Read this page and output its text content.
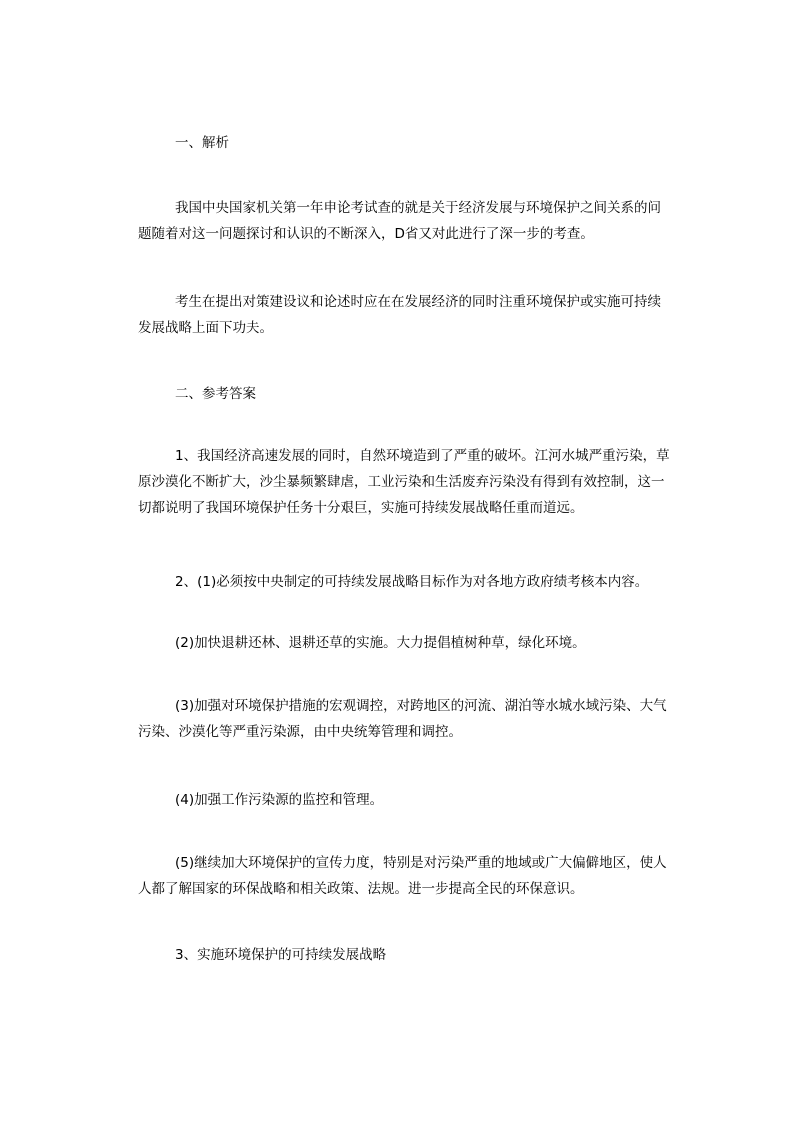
一、解析

我国中央国家机关第一年申论考试查的就是关于经济发展与环境保护之间关系的问题随着对这一问题探讨和认识的不断深入，D省又对此进行了深一步的考查。

考生在提出对策建设议和论述时应在在发展经济的同时注重环境保护或实施可持续发展战略上面下功夫。

二、参考答案

1、我国经济高速发展的同时，自然环境造到了严重的破坏。江河水城严重污染，草原沙漠化不断扩大，沙尘暴频繁肆虐，工业污染和生活废弃污染没有得到有效控制，这一切都说明了我国环境保护任务十分艰巨，实施可持续发展战略任重而道远。

2、(1)必须按中央制定的可持续发展战略目标作为对各地方政府绩考核本内容。

(2)加快退耕还林、退耕还草的实施。大力提倡植树种草，绿化环境。

(3)加强对环境保护措施的宏观调控，对跨地区的河流、湖泊等水城水域污染、大气污染、沙漠化等严重污染源，由中央统筹管理和调控。

(4)加强工作污染源的监控和管理。

(5)继续加大环境保护的宣传力度，特别是对污染严重的地域或广大偏僻地区，使人人都了解国家的环保战略和相关政策、法规。进一步提高全民的环保意识。

3、实施环境保护的可持续发展战略
